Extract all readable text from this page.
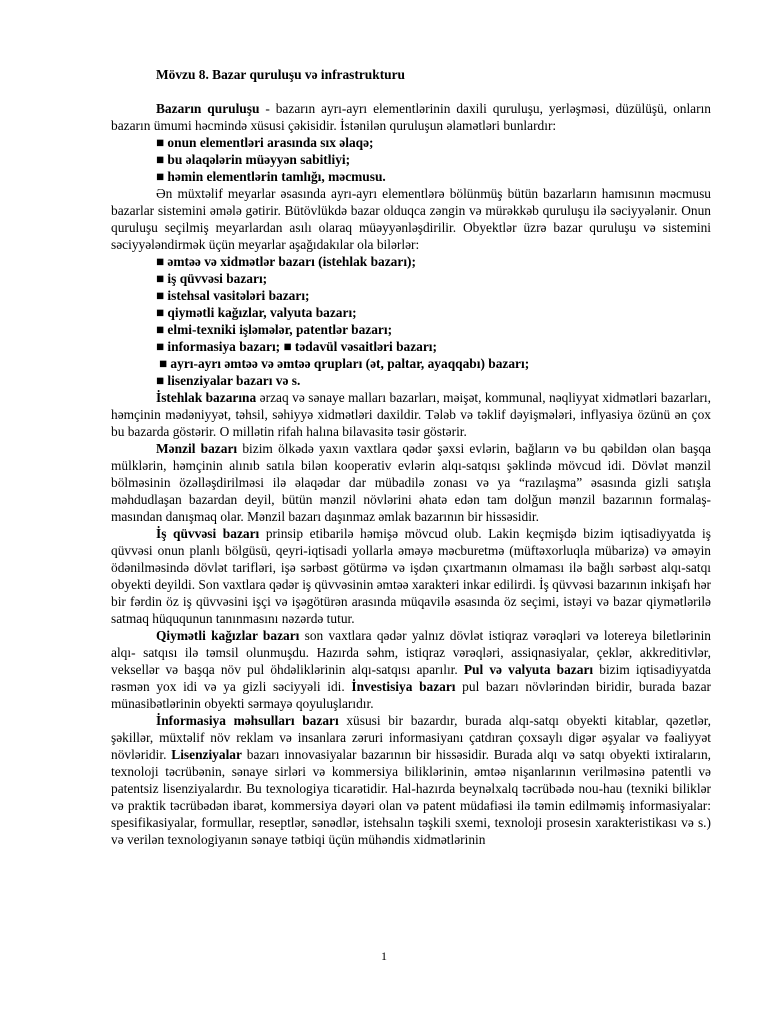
Mövzu 8. Bazar quruluşu və infrastrukturu

Bazarın quruluşu - bazarın ayrı-ayrı elementlərinin daxili quruluşu, yerləşməsi, düzülüşü, onların bazarın ümumi həcmində xüsusi çəkisidir. İstənilən quruluşun əlamətləri bunlardır:

■ onun elementləri arasında sıx əlaqə;
■ bu əlaqələrin müəyyən sabitliyi;
■ həmin elementlərin tamlığı, məcmusu.

Ən müxtəlif meyarlar əsasında ayrı-ayrı elementlərə bölünmüş bütün bazarların hamısının məcmusu bazarlar sistemini əmələ gətirir. Bütövlükdə bazar olduqca zəngin və mürəkkəb quruluşu ilə səciyyələnir. Onun quruluşu seçilmiş meyarlardan asılı olaraq müəyyənləşdirilir. Obyektlər üzrə bazar quruluşu və sistemini səciyyələndirmək üçün meyarlar aşağıdakılar ola bilərlər:

■ əmtəə və xidmətlər bazarı (istehlak bazarı);
■ iş qüvvəsi bazarı;
■ istehsal vasitələri bazarı;
■ qiymətli kağızlar, valyuta bazarı;
■ elmi-texniki işləmələr, patentlər bazarı;
■ informasiya bazarı; ■ tədavül vəsaitləri bazarı;
■ ayrı-ayrı əmtəə və əmtəə qrupları (ət, paltar, ayaqqabı) bazarı;
■ lisenziyalar bazarı və s.

İstehlak bazarına ərzaq və sənaye malları bazarları, məişət, kommunal, nəqliyyat xidmətləri bazarları, həmçinin mədəniyyət, təhsil, səhiyyə xidmətləri daxildir. Tələb və təklif dəyişmələri, inflyasiya özünü ən çox bu bazarda göstərir. O millətin rifah halına bilavasitə təsir göstərir.

Mənzil bazarı bizim ölkədə yaxın vaxtlara qədər şəxsi evlərin, bağların və bu qəbildən olan başqa mülklərin, həmçinin alınıb satıla bilən kooperativ evlərin alqı-satqısı şəklində mövcud idi. Dövlət mənzil bölməsinin özəlləşdirilməsi ilə əlaqədar dar mübadilə zonası və ya “razılaşma” əsasında gizli satışla məhdudlaşan bazardan deyil, bütün mənzil növlərini əhatə edən tam dolğun mənzil bazarının formalaş-masından danışmaq olar. Mənzil bazarı daşınmaz əmlak bazarının bir hissəsidir.

İş qüvvəsi bazarı prinsip etibarilə həmişə mövcud olub. Lakin keçmişdə bizim iqtisadiyyatda iş qüvvəsi onun planlı bölgüsü, qeyri-iqtisadi yollarla əməyə məcburetmə (müftəxorluqla mübarizə) və əməyin ödənilməsində dövlət tarifləri, işə sərbəst götürmə və işdən çıxartmanın olmaması ilə bağlı sərbəst alqı-satqı obyekti deyildi. Son vaxtlara qədər iş qüvvəsinin əmtəə xarakteri inkar edilirdi. İş qüvvəsi bazarının inkişafı hər bir fərdin öz iş qüvvəsini işçi və işəgötürən arasında müqavilə əsasında öz seçimi, istəyi və bazar qiymətlərilə satmaq hüququnun tanınmasını nəzərdə tutur.

Qiymətli kağızlar bazarı son vaxtlara qədər yalnız dövlət istiqraz vərəqləri və lotereya biletlərinin alqı- satqısı ilə təmsil olunmuşdu. Hazırda səhm, istiqraz vərəqləri, assiqnasiyalar, çeklər, akkreditivlər, veksellər və başqa növ pul öhdəliklərinin alqı-satqısı aparılır. Pul və valyuta bazarı bizim iqtisadiyyatda rəsmən yox idi və ya gizli səciyyəli idi. İnvestisiya bazarı pul bazarı növlərindən biridir, burada bazar münasibətlərinin obyekti sərmayə qoyuluşlarıdır.

İnformasiya məhsulları bazarı xüsusi bir bazardır, burada alqı-satqı obyekti kitablar, qəzetlər, şəkillər, müxtəlif növ reklam və insanlara zəruri informasiyanı çatdıran çoxsaylı digər əşyalar və fəaliyyət növləridir. Lisenziyalar bazarı innovasiyalar bazarının bir hissəsidir. Burada alqı və satqı obyekti ixtiraların, texnoloji təcrübənin, sənaye sirləri və kommersiya biliklərinin, əmtəə nişanlarının verilməsinə patentli və patentsiz lisenziyalardır. Bu texnologiya ticarətidir. Hal-hazırda beynəlxalq təcrübədə nou-hau (texniki biliklər və praktik təcrübədən ibarət, kommersiya dəyəri olan və patent müdafiəsi ilə təmin edilməmiş informasiyalar: spesifikasiyalar, formullar, reseptlər, sənədlər, istehsalın təşkili sxemi, texnoloji prosesin xarakteristikası və s.) və verilən texnologiyanın sənaye tətbiqi üçün mühəndis xidmətlərinin

1
